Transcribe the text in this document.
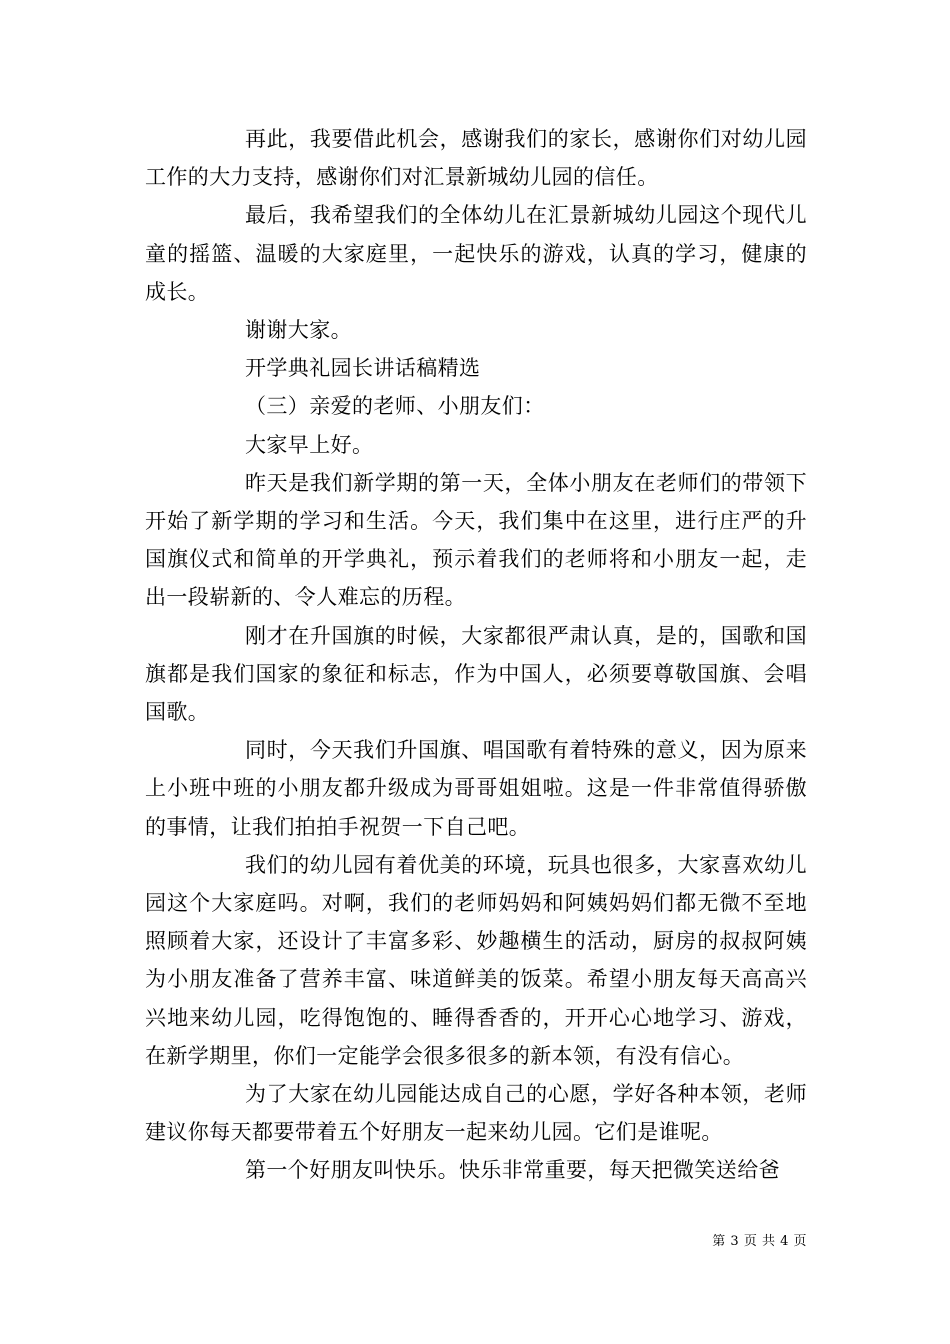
再此，我要借此机会，感谢我们的家长，感谢你们对幼儿园工作的大力支持，感谢你们对汇景新城幼儿园的信任。

最后，我希望我们的全体幼儿在汇景新城幼儿园这个现代儿童的摇篮、温暖的大家庭里，一起快乐的游戏，认真的学习，健康的成长。

谢谢大家。

开学典礼园长讲话稿精选

（三）亲爱的老师、小朋友们：

大家早上好。

昨天是我们新学期的第一天，全体小朋友在老师们的带领下开始了新学期的学习和生活。今天，我们集中在这里，进行庄严的升国旗仪式和简单的开学典礼，预示着我们的老师将和小朋友一起，走出一段崭新的、令人难忘的历程。

刚才在升国旗的时候，大家都很严肃认真，是的，国歌和国旗都是我们国家的象征和标志，作为中国人，必须要尊敬国旗、会唱国歌。

同时，今天我们升国旗、唱国歌有着特殊的意义，因为原来上小班中班的小朋友都升级成为哥哥姐姐啦。这是一件非常值得骄傲的事情，让我们拍拍手祝贺一下自己吧。

我们的幼儿园有着优美的环境，玩具也很多，大家喜欢幼儿园这个大家庭吗。对啊，我们的老师妈妈和阿姨妈妈们都无微不至地照顾着大家，还设计了丰富多彩、妙趣横生的活动，厨房的叔叔阿姨为小朋友准备了营养丰富、味道鲜美的饭菜。希望小朋友每天高高兴兴地来幼儿园，吃得饱饱的、睡得香香的，开开心心地学习、游戏，在新学期里，你们一定能学会很多很多的新本领，有没有信心。

为了大家在幼儿园能达成自己的心愿，学好各种本领，老师建议你每天都要带着五个好朋友一起来幼儿园。它们是谁呢。

第一个好朋友叫快乐。快乐非常重要，每天把微笑送给爸

第 3 页 共 4 页
